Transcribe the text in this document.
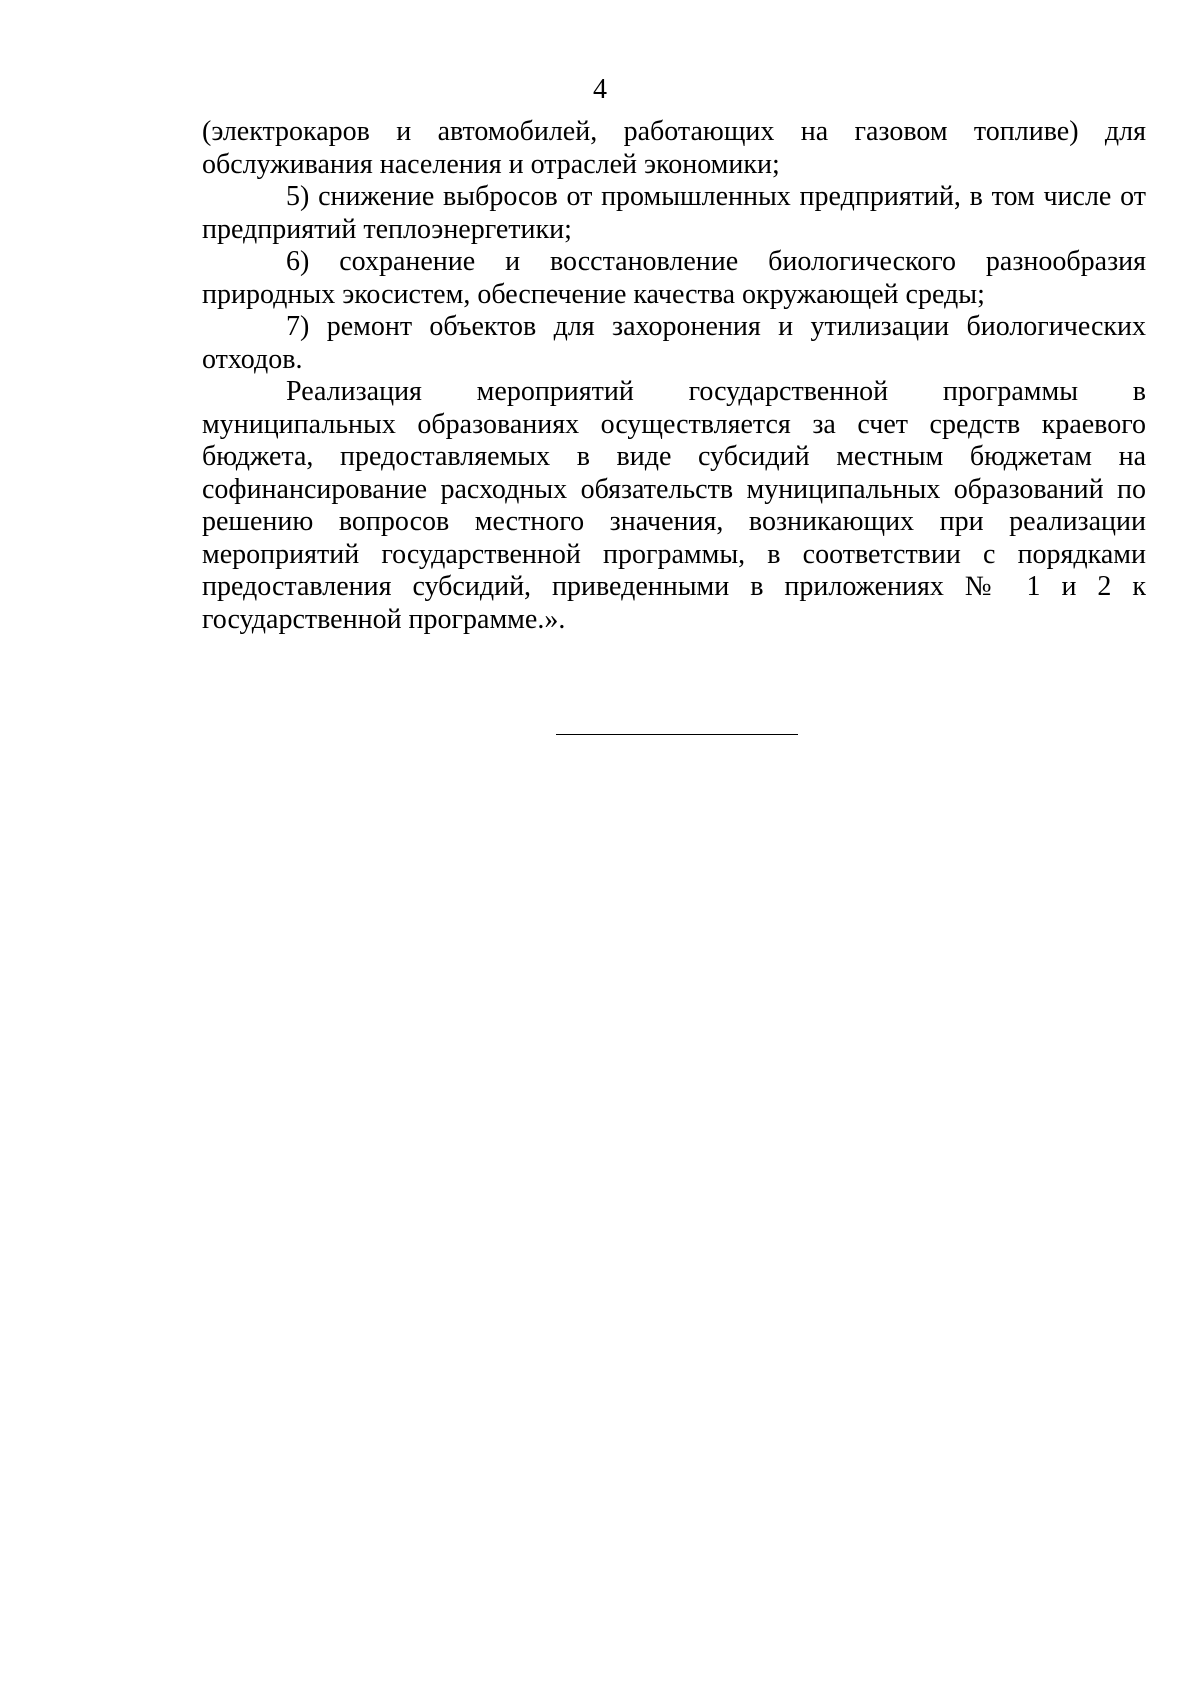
4

(электрокаров и автомобилей, работающих на газовом топливе) для обслуживания населения и отраслей экономики;

5) снижение выбросов от промышленных предприятий, в том числе от предприятий теплоэнергетики;

6) сохранение и восстановление биологического разнообразия природных экосистем, обеспечение качества окружающей среды;

7) ремонт объектов для захоронения и утилизации биологических отходов.

Реализация мероприятий государственной программы в муниципальных образованиях осуществляется за счет средств краевого бюджета, предоставляемых в виде субсидий местным бюджетам на софинансирование расходных обязательств муниципальных образований по решению вопросов местного значения, возникающих при реализации мероприятий государственной программы, в соответствии с порядками предоставления субсидий, приведенными в приложениях № 1 и 2 к государственной программе.».
